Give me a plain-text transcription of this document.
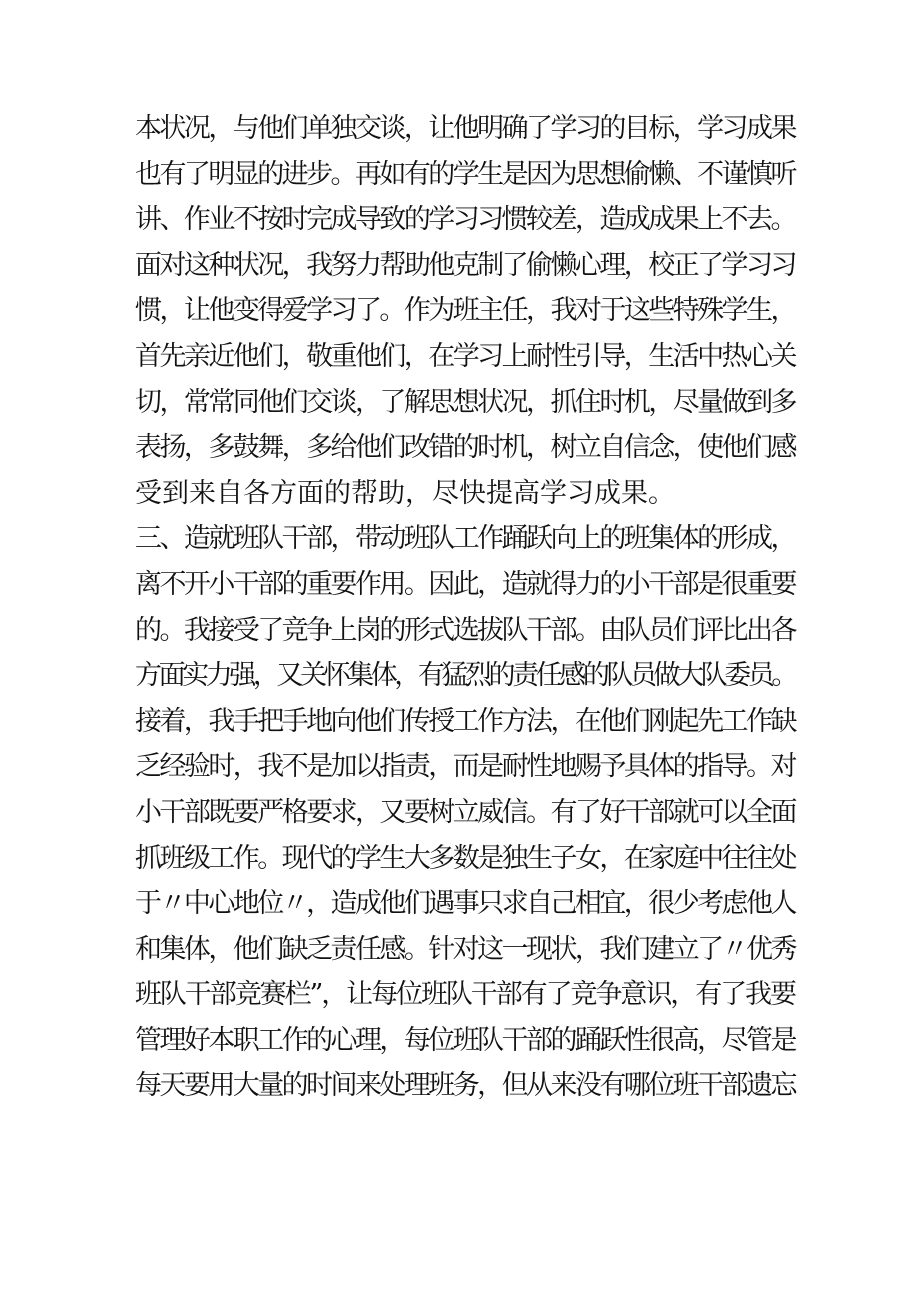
本状况，与他们单独交谈，让他明确了学习的目标，学习成果
也有了明显的进步。再如有的学生是因为思想偷懒、不谨慎听
讲、作业不按时完成导致的学习习惯较差，造成成果上不去。
面对这种状况，我努力帮助他克制了偷懒心理，校正了学习习
惯，让他变得爱学习了。作为班主任，我对于这些特殊学生，
首先亲近他们，敬重他们，在学习上耐性引导，生活中热心关
切，常常同他们交谈，了解思想状况，抓住时机，尽量做到多
表扬，多鼓舞，多给他们改错的时机，树立自信念，使他们感
受到来自各方面的帮助，尽快提高学习成果。
三、造就班队干部，带动班队工作踊跃向上的班集体的形成，
离不开小干部的重要作用。因此，造就得力的小干部是很重要
的。我接受了竞争上岗的形式选拔队干部。由队员们评比出各
方面实力强，又关怀集体，有猛烈的责任感的队员做大队委员。
接着，我手把手地向他们传授工作方法，在他们刚起先工作缺
乏经验时，我不是加以指责，而是耐性地赐予具体的指导。对
小干部既要严格要求，又要树立威信。有了好干部就可以全面
抓班级工作。现代的学生大多数是独生子女，在家庭中往往处
于〃中心地位〃，造成他们遇事只求自己相宜，很少考虑他人
和集体，他们缺乏责任感。针对这一现状，我们建立了〃优秀
班队干部竞赛栏”，让每位班队干部有了竞争意识，有了我要
管理好本职工作的心理，每位班队干部的踊跃性很高，尽管是
每天要用大量的时间来处理班务，但从来没有哪位班干部遗忘
